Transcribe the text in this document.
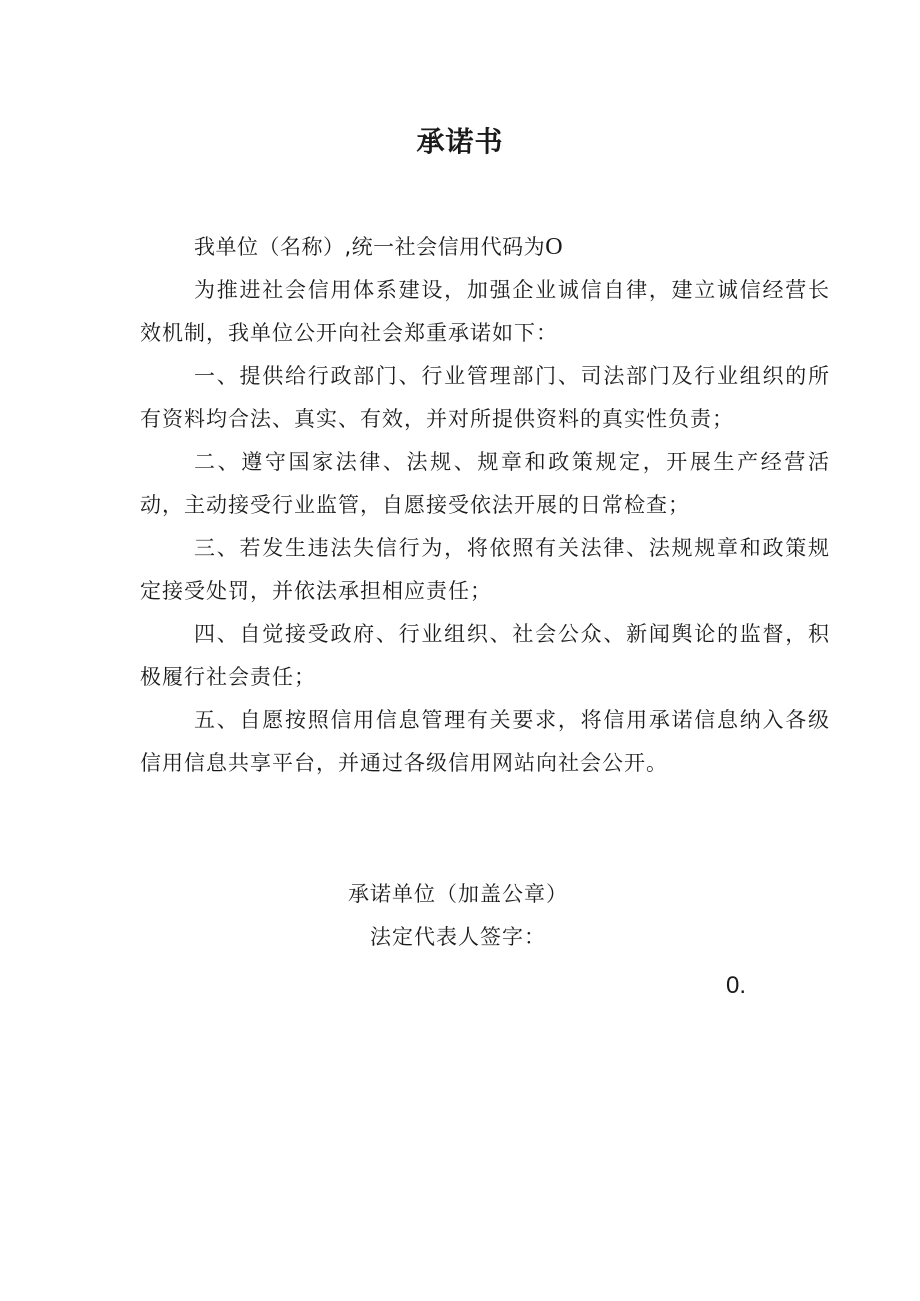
承诺书

我单位（名称）,统一社会信用代码为O

为推进社会信用体系建设，加强企业诚信自律，建立诚信经营长效机制，我单位公开向社会郑重承诺如下：

一、提供给行政部门、行业管理部门、司法部门及行业组织的所有资料均合法、真实、有效，并对所提供资料的真实性负责；

二、遵守国家法律、法规、规章和政策规定，开展生产经营活动，主动接受行业监管，自愿接受依法开展的日常检查；

三、若发生违法失信行为，将依照有关法律、法规规章和政策规定接受处罚，并依法承担相应责任；

四、自觉接受政府、行业组织、社会公众、新闻舆论的监督，积极履行社会责任；

五、自愿按照信用信息管理有关要求，将信用承诺信息纳入各级信用信息共享平台，并通过各级信用网站向社会公开。

承诺单位（加盖公章）
法定代表人签字：
0.
